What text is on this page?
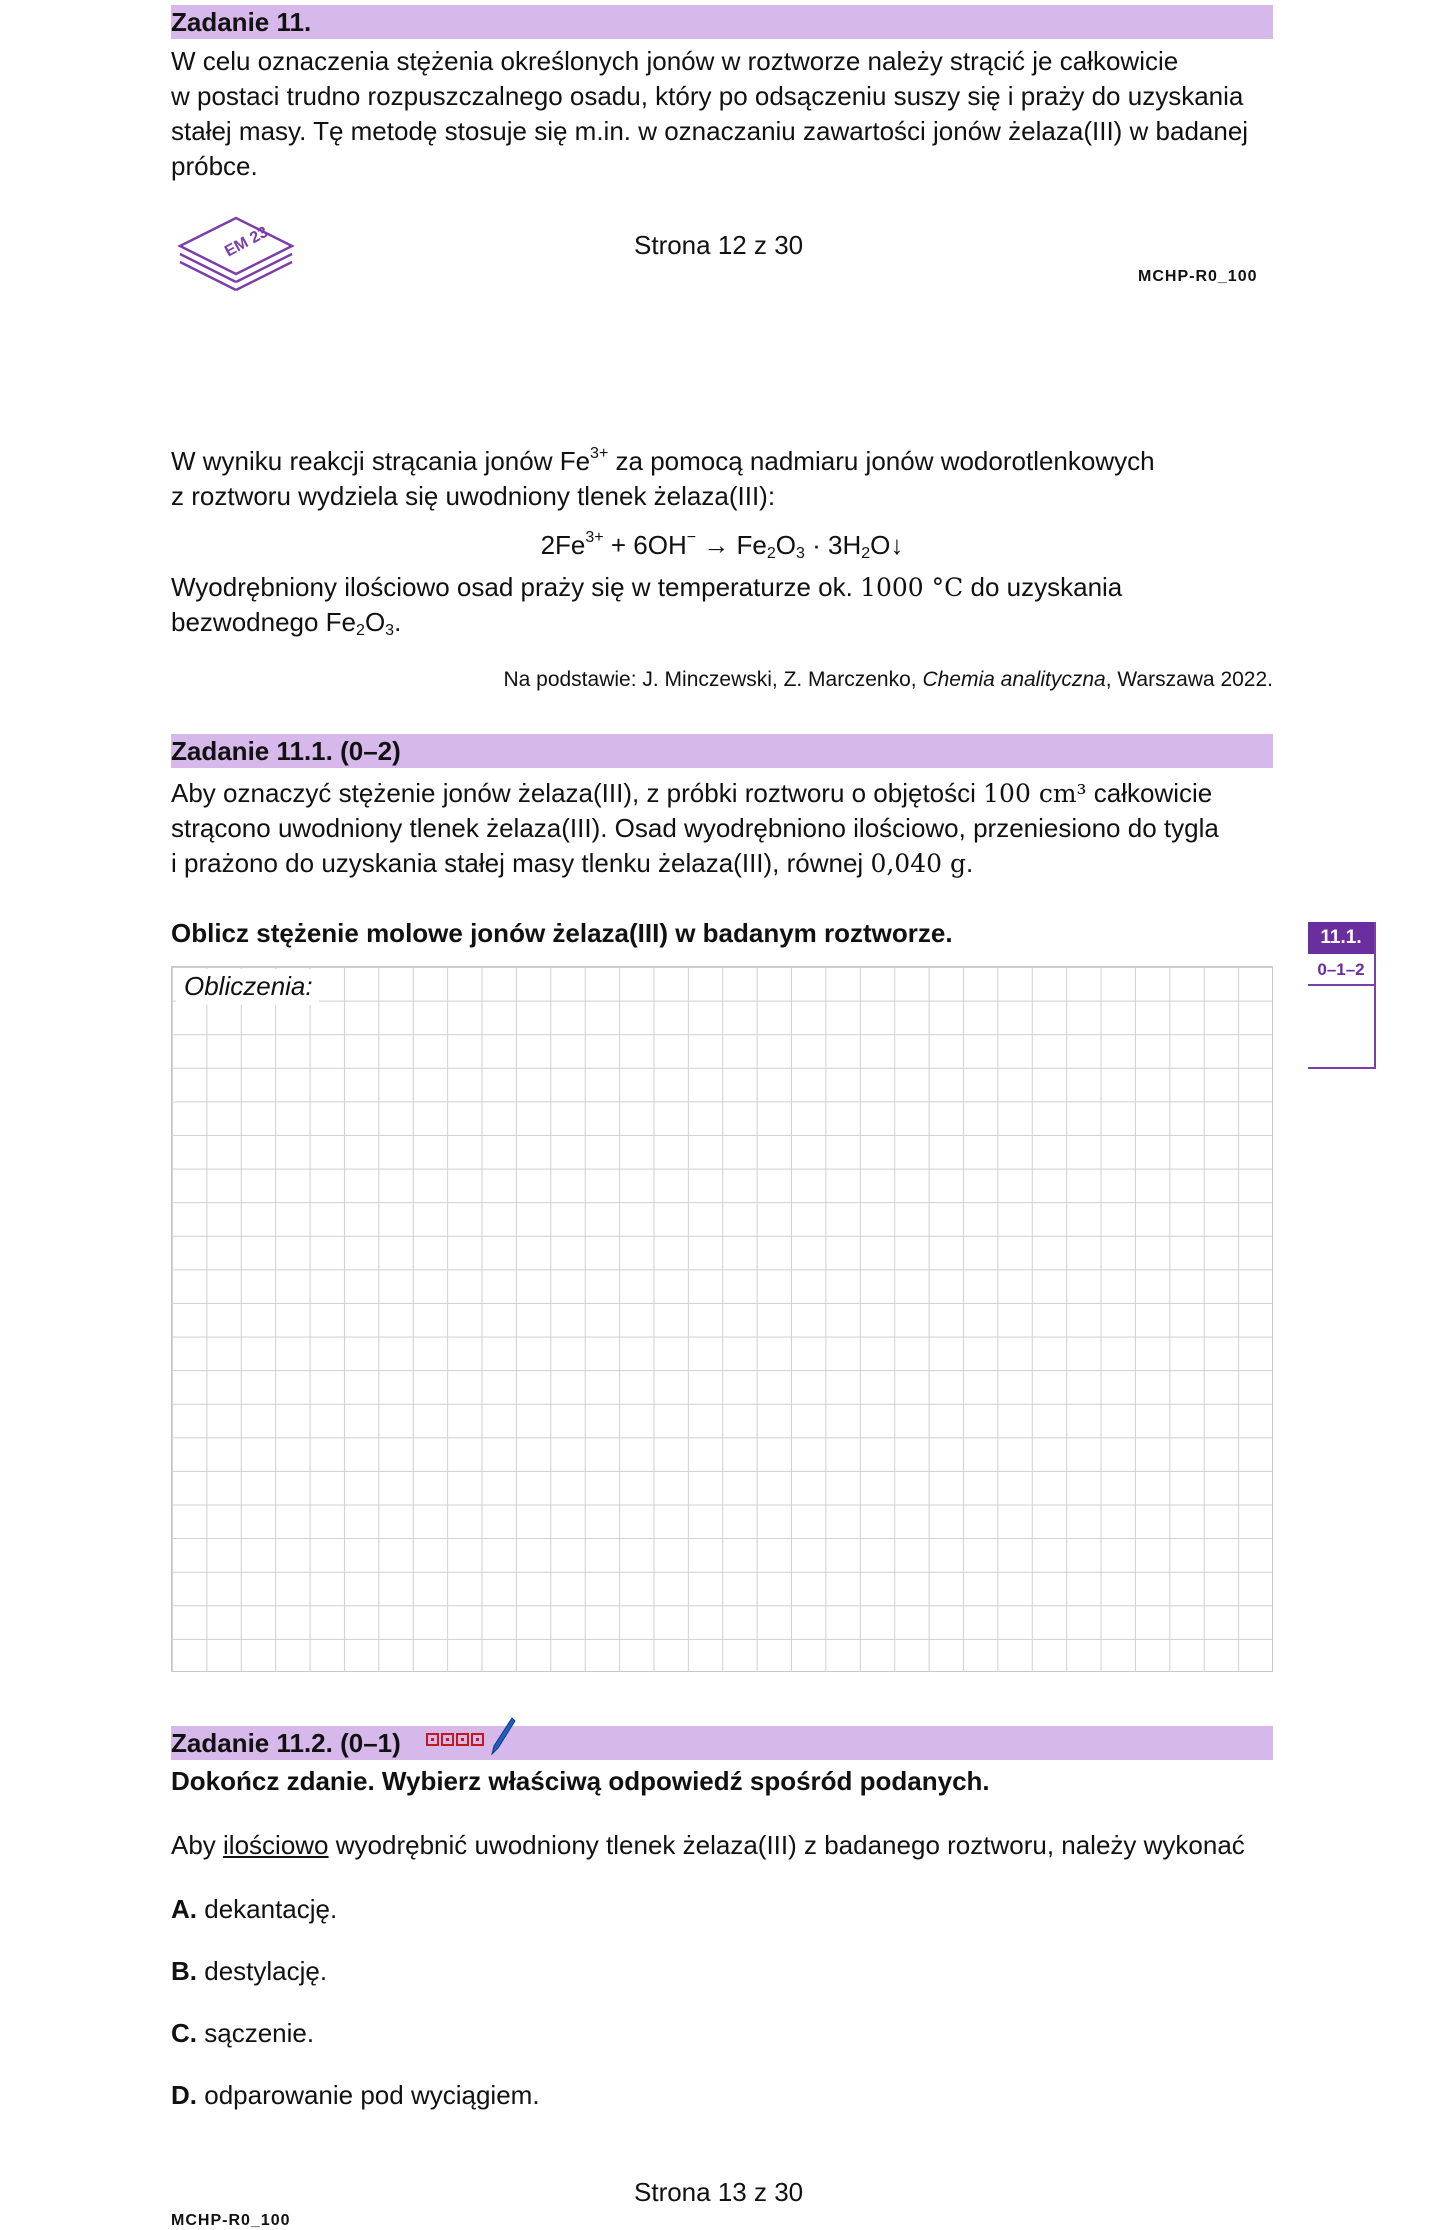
Zadanie 11.

W celu oznaczenia stężenia określonych jonów w roztworze należy strącić je całkowicie
w postaci trudno rozpuszczalnego osadu, który po odsączeniu suszy się i praży do uzyskania
stałej masy. Tę metodę stosuje się m.in. w oznaczaniu zawartości jonów żelaza(III) w badanej
próbce.

EM 23	Strona 12 z 30
MCHP-R0_100

W wyniku reakcji strącania jonów $Fe^{3+}$ za pomocą nadmiaru jonów wodorotlenkowych
z roztworu wydziela się uwodniony tlenek żelaza(III):

$2Fe^{3+} + 6OH^- \to Fe_2O_3$ · $3H_2O↓$

Wyodrębniony ilościowo osad praży się w temperaturze ok. 1000 °C do uzyskania
bezwodnego $Fe_2O_3$.

Na podstawie: J. Minczewski, Z. Marczenko, Chemia analityczna, Warszawa 2022.
Zadanie 11.1. (0–2)

Aby oznaczyć stężenie jonów żelaza(III), z próbki roztworu o objętości 100 cm³ całkowicie
strącono uwodniony tlenek żelaza(III). Osad wyodrębniono ilościowo, przeniesiono do tygla
i prażono do uzyskania stałej masy tlenku żelaza(III), równej 0,040 g.

Oblicz stężenie molowe jonów żelaza(III) w badanym roztworze.
Obliczenia:
11.1.
0–1–2
Zadanie 11.2. (0–1)
Dokończ zdanie. Wybierz właściwą odpowiedź spośród podanych.
Aby ilościowo wyodrębnić uwodniony tlenek żelaza(III) z badanego roztworu, należy wykonać
A. dekantację.
B. destylację.
C. sączenie.
D. odparowanie pod wyciągiem.
Strona 13 z 30
MCHP-R0_100
